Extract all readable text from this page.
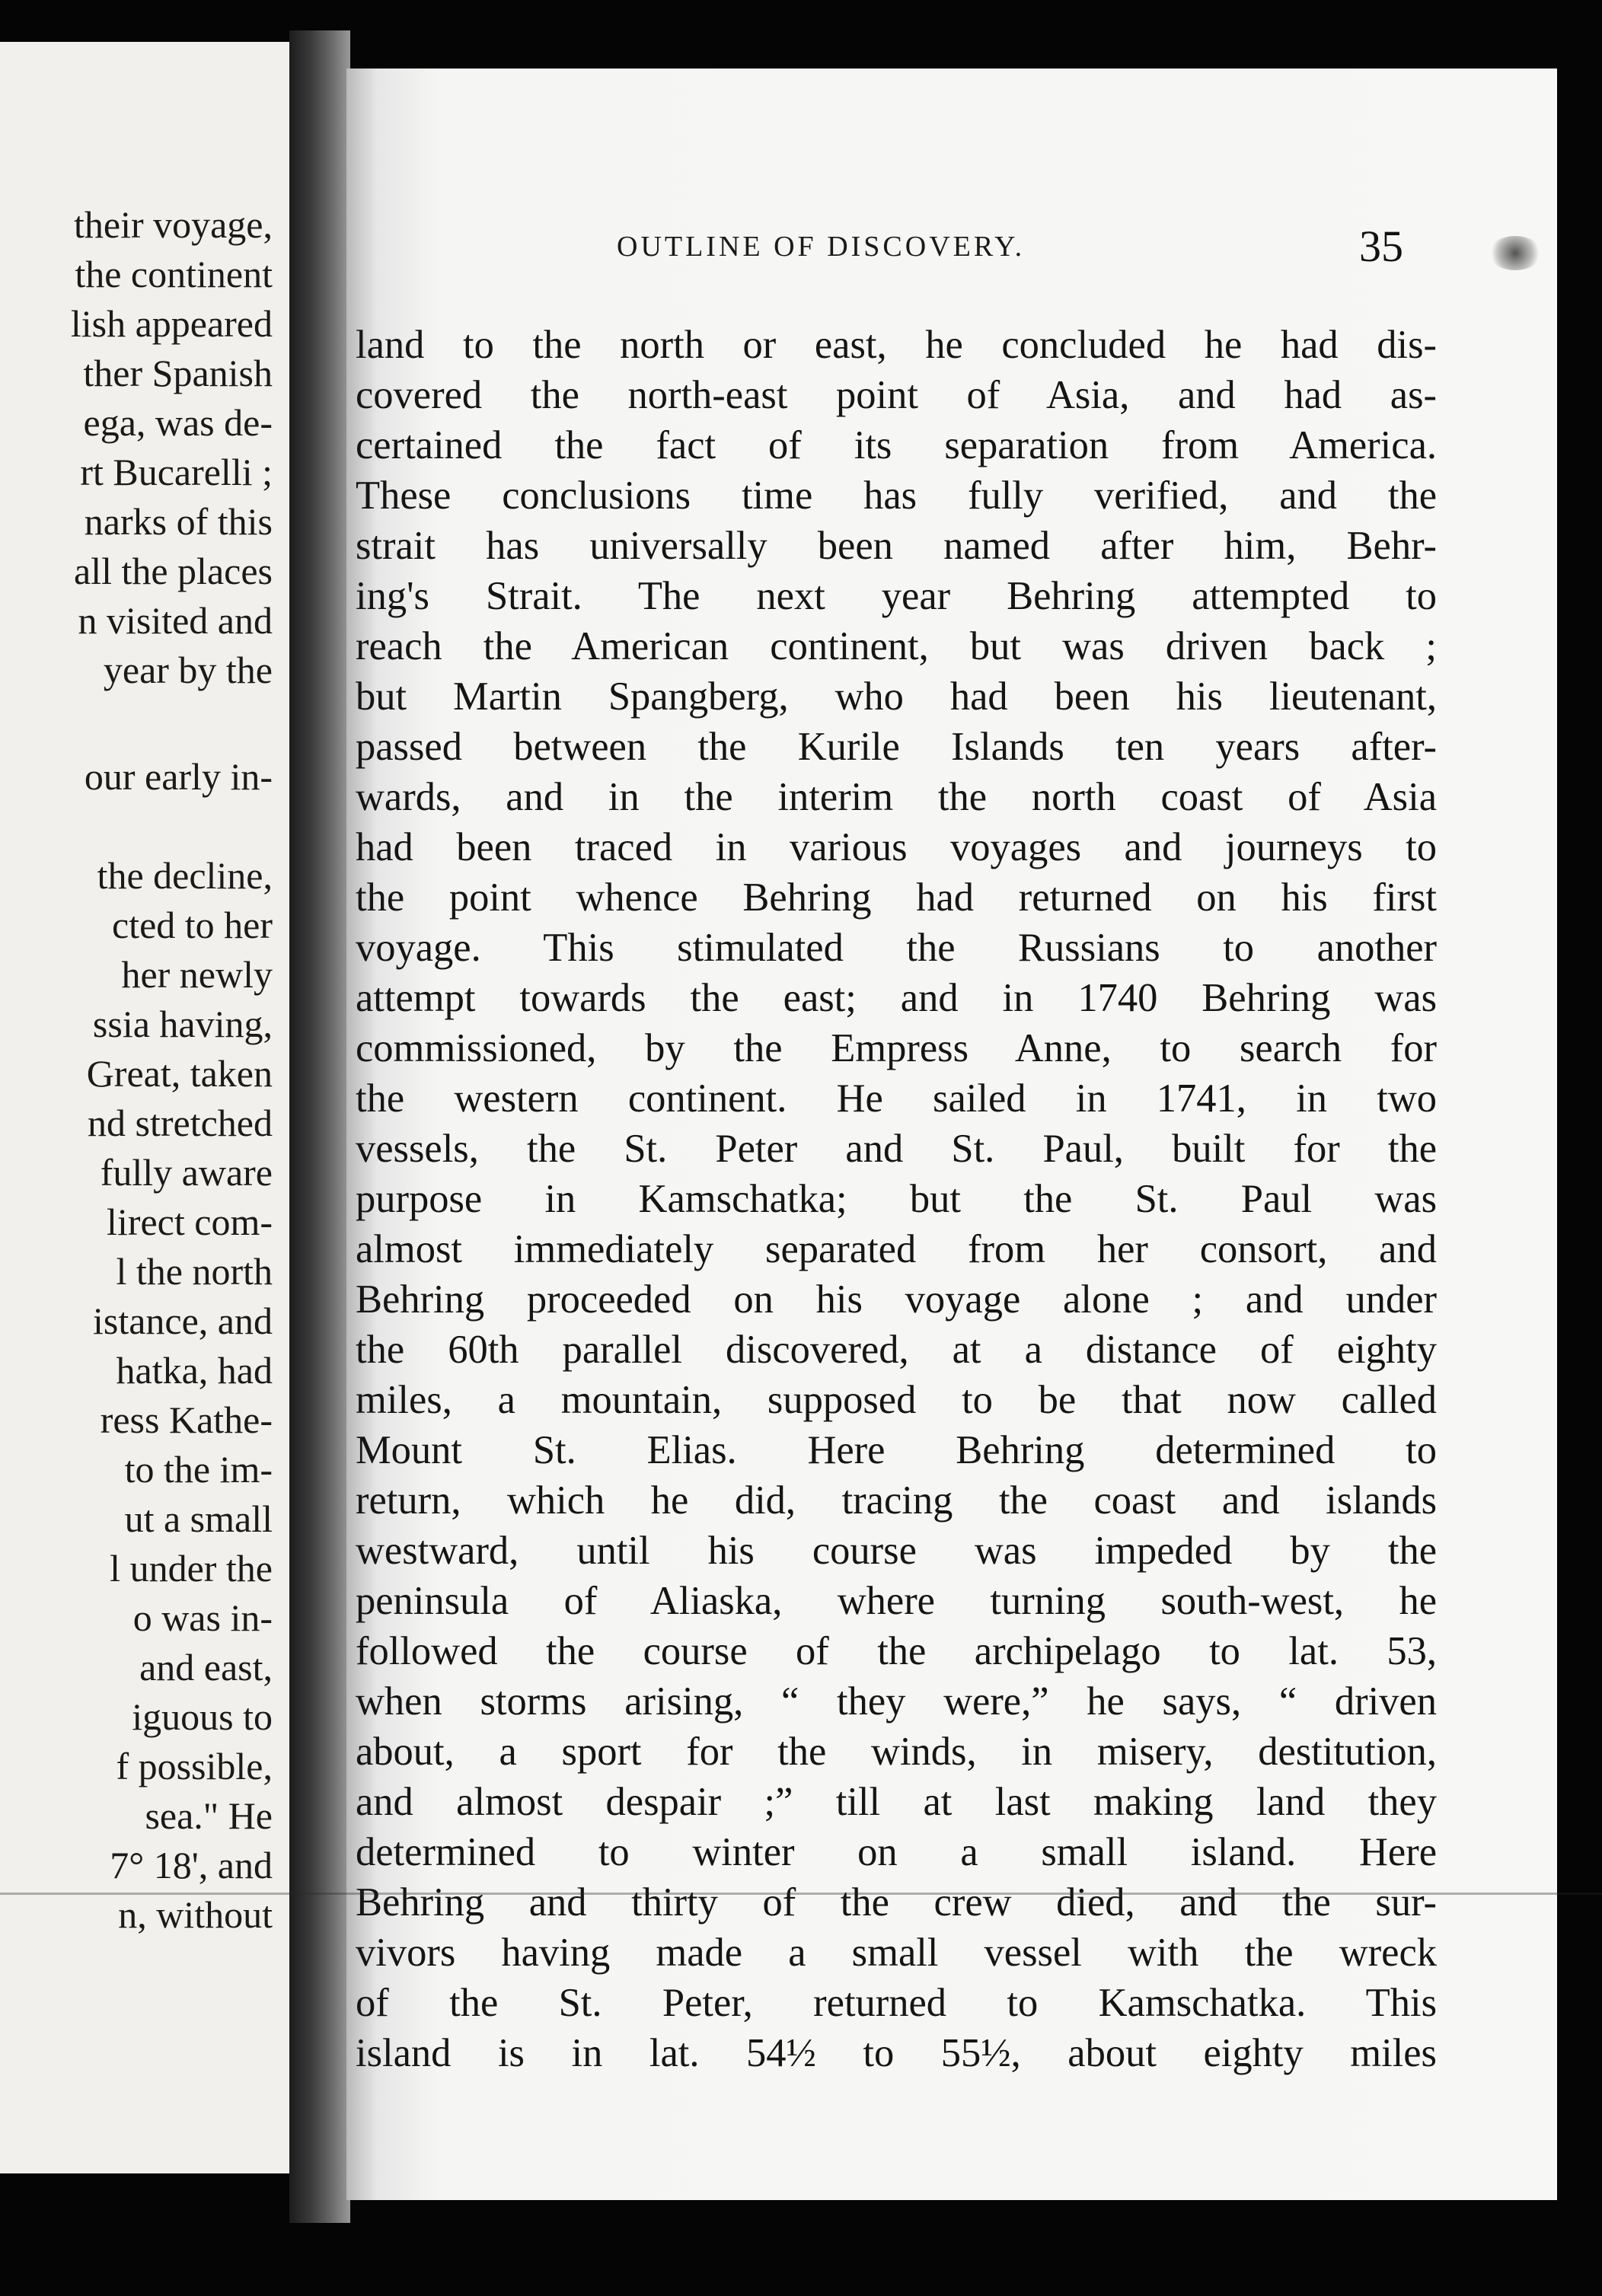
their voyage,
the continent
lish appeared
ther Spanish
ega, was de-
rt Bucarelli ;
narks of this
all the places
n visited and
year by the
our early in-
the decline,
cted to her
her newly
ssia having,
Great, taken
nd stretched
fully aware
lirect com-
l the north
istance, and
hatka, had
ress Kathe-
to the im-
ut a small
l under the
o was in-
and east,
iguous to
f possible,
sea." He
7° 18', and
n, without
OUTLINE OF DISCOVERY.	35
land to the north or east, he concluded he had dis-
covered the north-east point of Asia, and had as-
certained the fact of its separation from America.
These conclusions time has fully verified, and the
strait has universally been named after him, Behr-
ing's Strait. The next year Behring attempted to
reach the American continent, but was driven back ;
but Martin Spangberg, who had been his lieutenant,
passed between the Kurile Islands ten years after-
wards, and in the interim the north coast of Asia
had been traced in various voyages and journeys to
the point whence Behring had returned on his first
voyage. This stimulated the Russians to another
attempt towards the east; and in 1740 Behring was
commissioned, by the Empress Anne, to search for
the western continent. He sailed in 1741, in two
vessels, the St. Peter and St. Paul, built for the
purpose in Kamschatka; but the St. Paul was
almost immediately separated from her consort, and
Behring proceeded on his voyage alone ; and under
the 60th parallel discovered, at a distance of eighty
miles, a mountain, supposed to be that now called
Mount St. Elias. Here Behring determined to
return, which he did, tracing the coast and islands
westward, until his course was impeded by the
peninsula of Aliaska, where turning south-west, he
followed the course of the archipelago to lat. 53,
when storms arising, “ they were,” he says, “ driven
about, a sport for the winds, in misery, destitution,
and almost despair ;” till at last making land they
determined to winter on a small island. Here
Behring and thirty of the crew died, and the sur-
vivors having made a small vessel with the wreck
of the St. Peter, returned to Kamschatka. This
island is in lat. 54½ to 55½, about eighty miles
